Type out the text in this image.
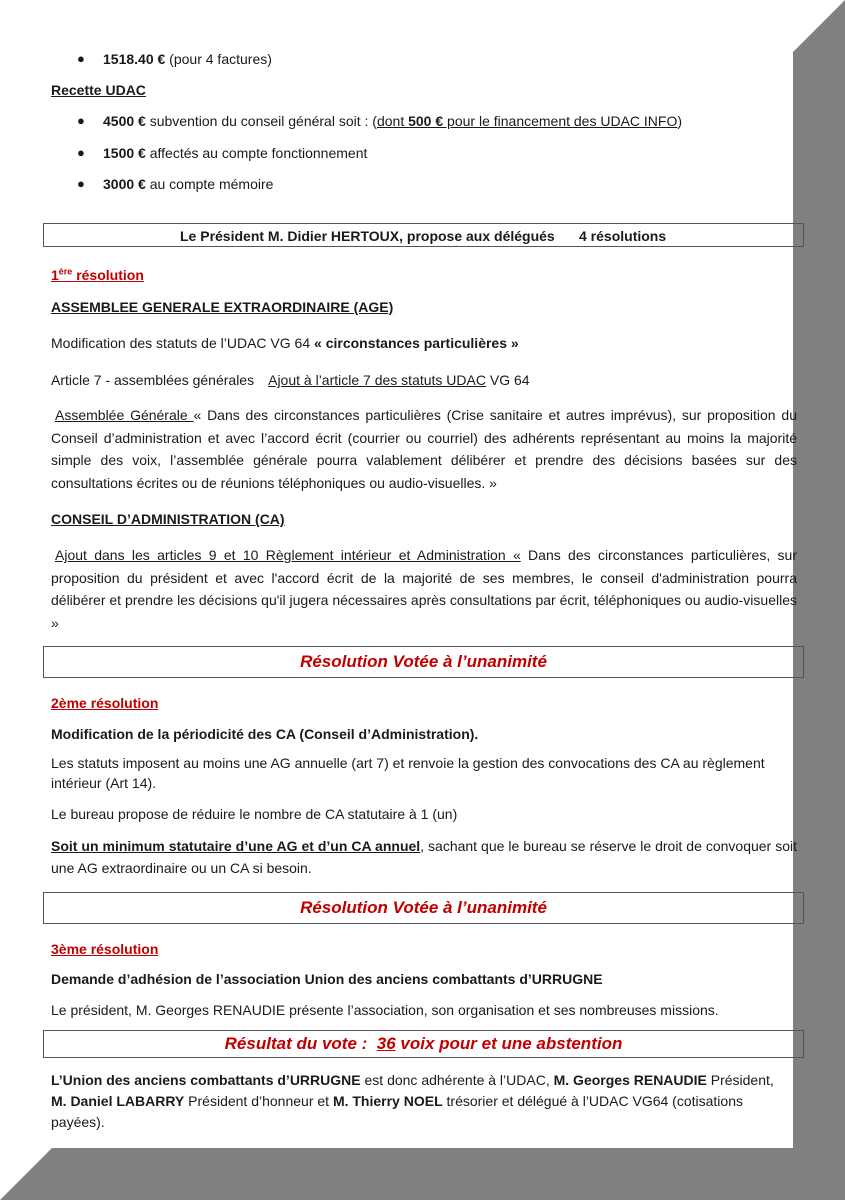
● 1518.40 € (pour 4 factures)
Recette UDAC
● 4500 € subvention du conseil général soit : (dont 500 € pour le financement des UDAC INFO)
● 1500 € affectés au compte fonctionnement
● 3000 € au compte mémoire
Le Président M. Didier HERTOUX, propose aux délégués 4 résolutions
1ère résolution
ASSEMBLEE GENERALE EXTRAORDINAIRE (AGE)
Modification des statuts de l’UDAC VG 64 « circonstances particulières »
Article 7 - assemblées générales Ajout à l’article 7 des statuts UDAC VG 64
Assemblée Générale « Dans des circonstances particulières (Crise sanitaire et autres imprévus), sur proposition du Conseil d’administration et avec l’accord écrit (courrier ou courriel) des adhérents représentant au moins la majorité simple des voix, l’assemblée générale pourra valablement délibérer et prendre des décisions basées sur des consultations écrites ou de réunions téléphoniques ou audio-visuelles. »
CONSEIL D’ADMINISTRATION (CA)
Ajout dans les articles 9 et 10 Règlement intérieur et Administration « Dans des circonstances particulières, sur proposition du président et avec l'accord écrit de la majorité de ses membres, le conseil d'administration pourra délibérer et prendre les décisions qu'il jugera nécessaires après consultations par écrit, téléphoniques ou audio-visuelles »
Résolution Votée à l’unanimité
2ème résolution
Modification de la périodicité des CA (Conseil d’Administration).
Les statuts imposent au moins une AG annuelle (art 7) et renvoie la gestion des convocations des CA au règlement intérieur (Art 14).
Le bureau propose de réduire le nombre de CA statutaire à 1 (un)
Soit un minimum statutaire d’une AG et d’un CA annuel, sachant que le bureau se réserve le droit de convoquer soit une AG extraordinaire ou un CA si besoin.
Résolution Votée à l’unanimité
3ème résolution
Demande d’adhésion de l’association Union des anciens combattants d’URRUGNE
Le président, M. Georges RENAUDIE présente l’association, son organisation et ses nombreuses missions.
Résultat du vote : 36 voix pour et une abstention
L’Union des anciens combattants d’URRUGNE est donc adhérente à l’UDAC, M. Georges RENAUDIE Président, M. Daniel LABARRY Président d’honneur et M. Thierry NOEL trésorier et délégué à l’UDAC VG64 (cotisations payées).
